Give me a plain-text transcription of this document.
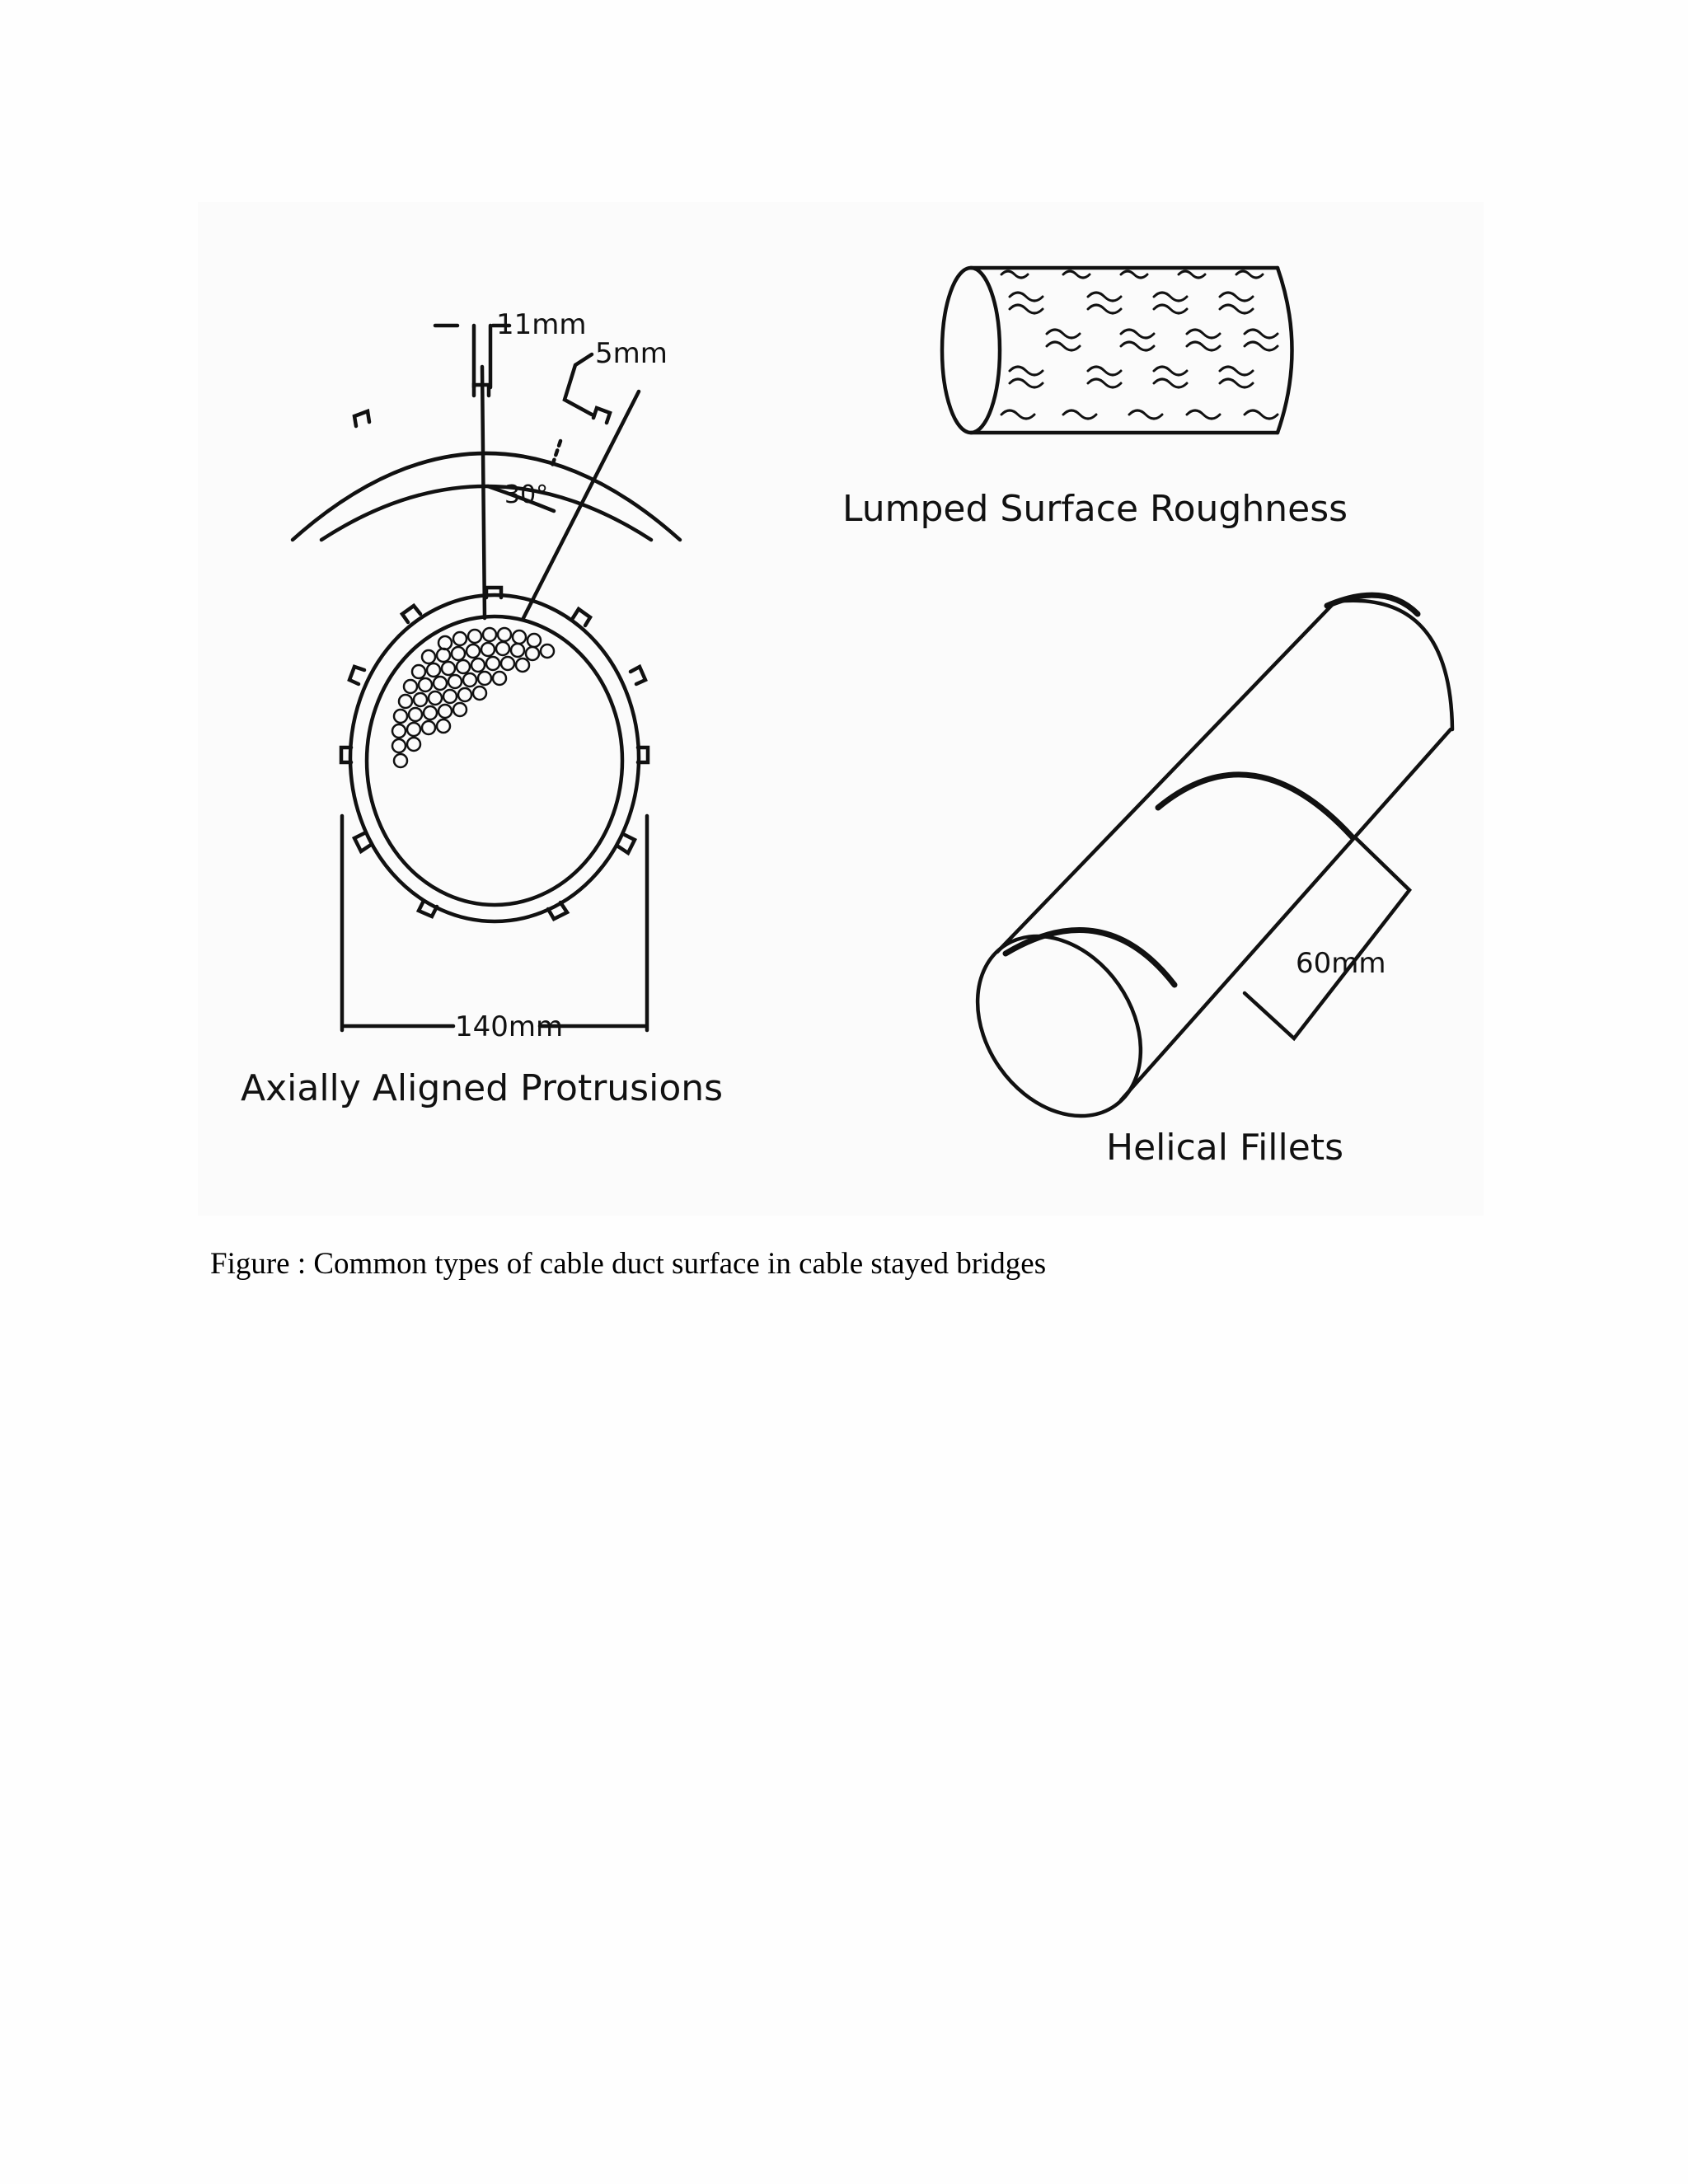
11mm
5mm
30°
140mm
Axially Aligned Protrusions
Lumped Surface Roughness
60mm
Helical Fillets
Figure : Common types of cable duct surface in cable stayed bridges
